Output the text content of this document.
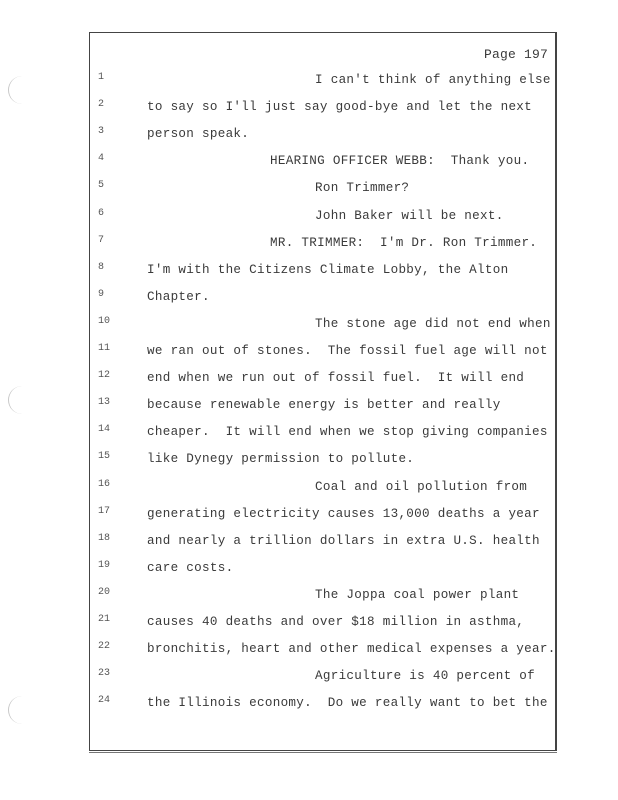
Page 197
1	I can't think of anything else
2	to say so I'll just say good-bye and let the next
3	person speak.
4	HEARING OFFICER WEBB:  Thank you.
5	Ron Trimmer?
6	John Baker will be next.
7	MR. TRIMMER:  I'm Dr. Ron Trimmer.
8	I'm with the Citizens Climate Lobby, the Alton
9	Chapter.
10	The stone age did not end when
11	we ran out of stones.  The fossil fuel age will not
12	end when we run out of fossil fuel.  It will end
13	because renewable energy is better and really
14	cheaper.  It will end when we stop giving companies
15	like Dynegy permission to pollute.
16	Coal and oil pollution from
17	generating electricity causes 13,000 deaths a year
18	and nearly a trillion dollars in extra U.S. health
19	care costs.
20	The Joppa coal power plant
21	causes 40 deaths and over $18 million in asthma,
22	bronchitis, heart and other medical expenses a year.
23	Agriculture is 40 percent of
24	the Illinois economy.  Do we really want to bet the
